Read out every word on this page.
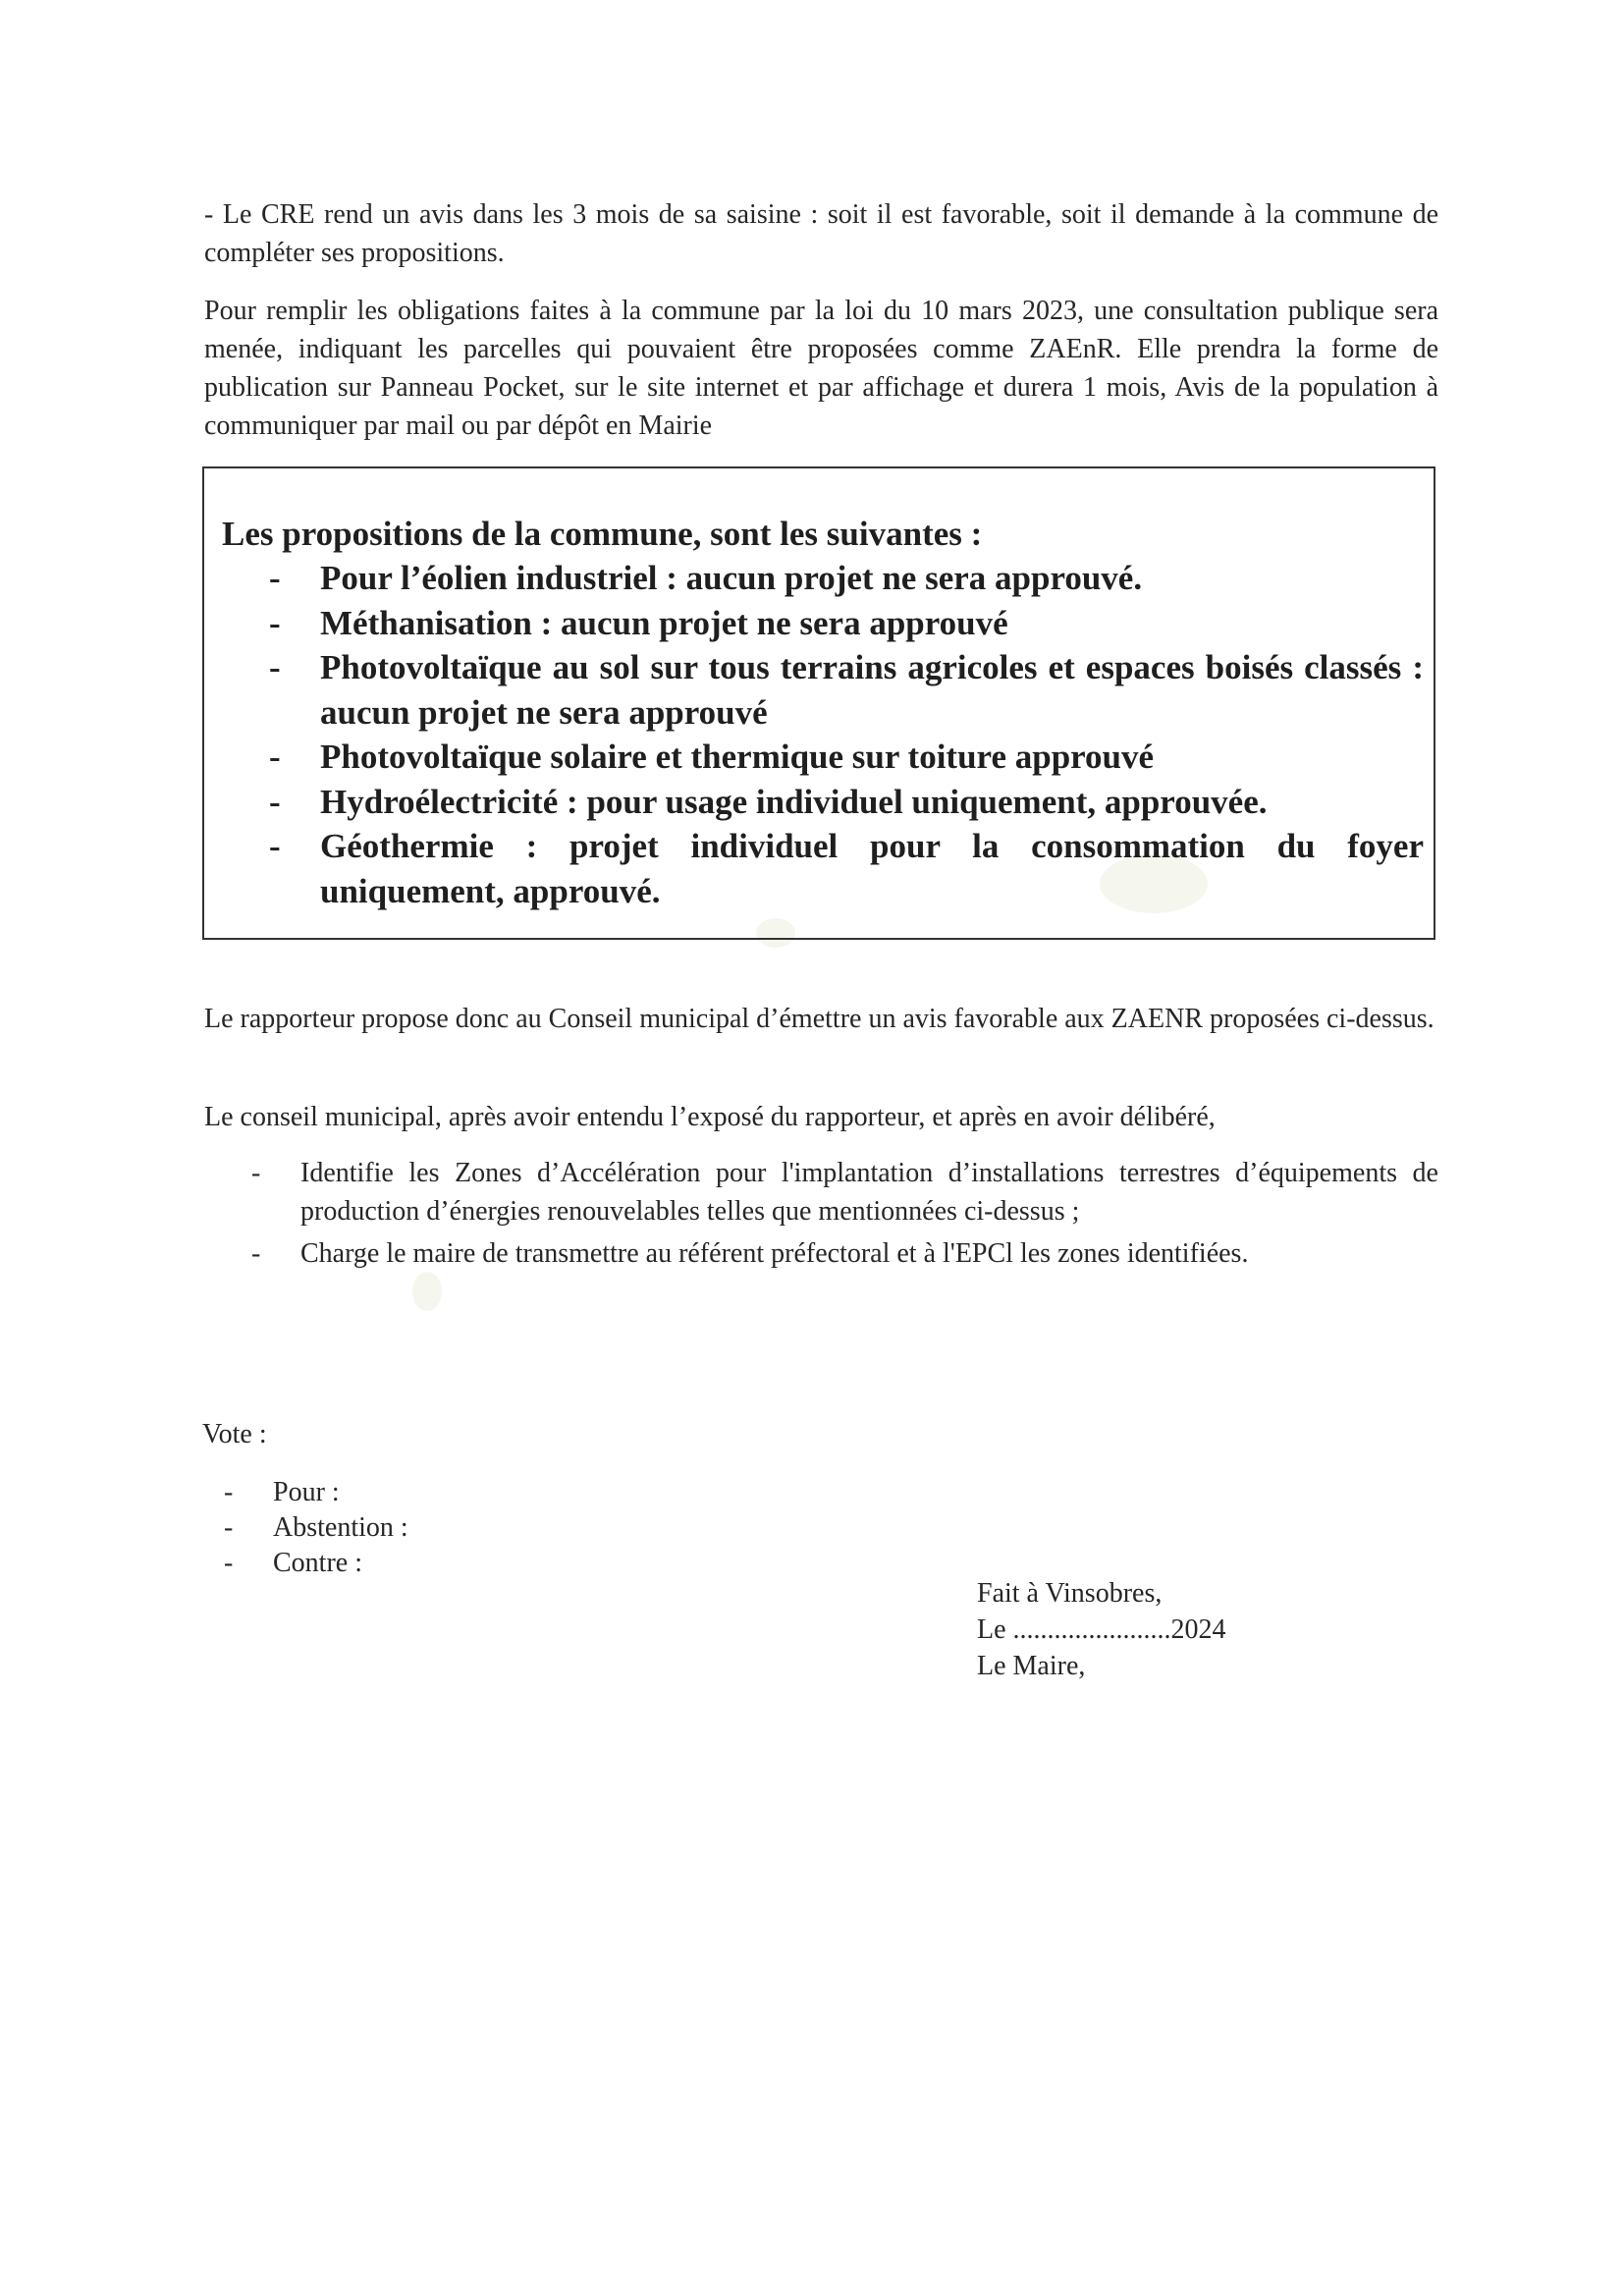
- Le CRE rend un avis dans les 3 mois de sa saisine : soit il est favorable, soit il demande à la commune de compléter ses propositions.

Pour remplir les obligations faites à la commune par la loi du 10 mars 2023, une consultation publique sera menée, indiquant les parcelles qui pouvaient être proposées comme ZAEnR. Elle prendra la forme de publication sur Panneau Pocket, sur le site internet et par affichage et durera 1 mois, Avis de la population à communiquer par mail ou par dépôt en Mairie

Les propositions de la commune, sont les suivantes :

- Pour l’éolien industriel : aucun projet ne sera approuvé.
- Méthanisation : aucun projet ne sera approuvé
- Photovoltaïque au sol sur tous terrains agricoles et espaces boisés classés : aucun projet ne sera approuvé
- Photovoltaïque solaire et thermique sur toiture approuvé
- Hydroélectricité : pour usage individuel uniquement, approuvée.
- Géothermie : projet individuel pour la consommation du foyer uniquement, approuvé.

Le rapporteur propose donc au Conseil municipal d’émettre un avis favorable aux ZAENR proposées ci-dessus.

Le conseil municipal, après avoir entendu l’exposé du rapporteur, et après en avoir délibéré,

- Identifie les Zones d’Accélération pour l'implantation d’installations terrestres d’équipements de production d’énergies renouvelables telles que mentionnées ci-dessus ;
- Charge le maire de transmettre au référent préfectoral et à l'EPCl les zones identifiées.
Vote :
- Pour :
- Abstention :
- Contre :
Fait à Vinsobres,
Le .......................2024
Le Maire,
